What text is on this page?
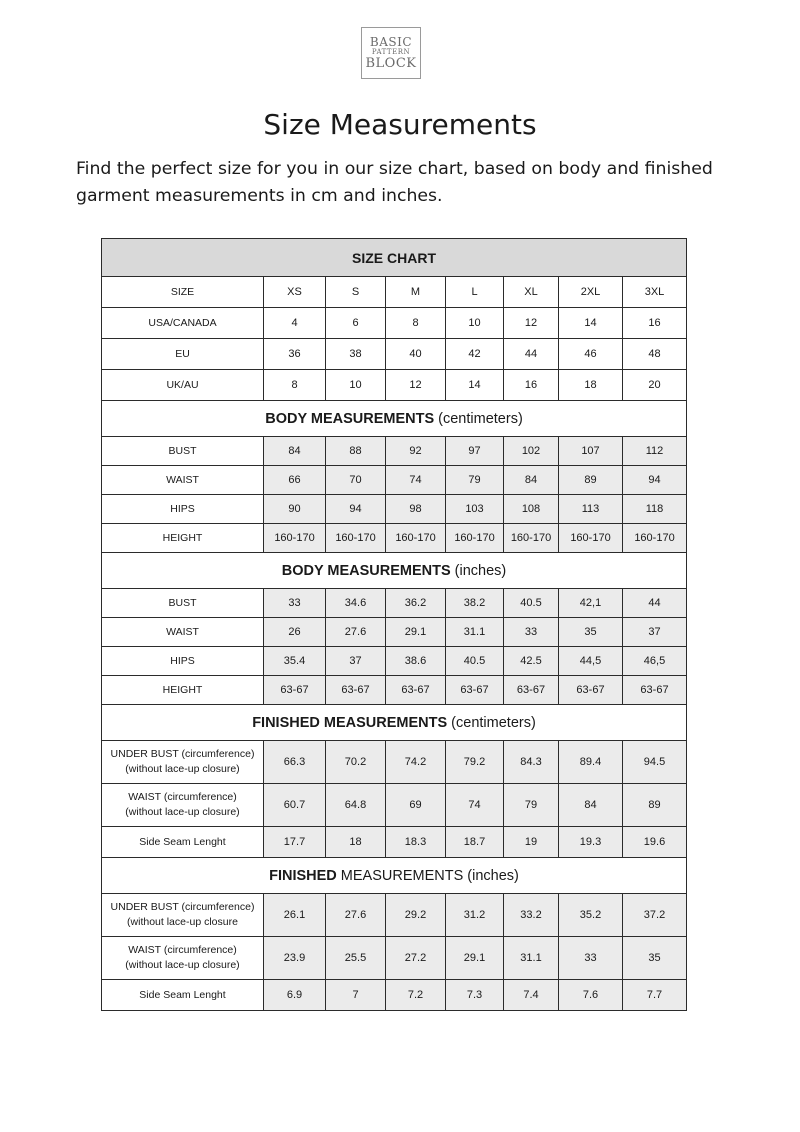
BASIC
PATTERN
BLOCK
Size Measurements

Find the perfect size for you in our size chart, based on body and finished garment measurements in cm and inches.

SIZE CHART							
SIZE	XS	S	M	L	XL	2XL	3XL
USA/CANADA	4	6	8	10	12	14	16
EU	36	38	40	42	44	46	48
UK/AU	8	10	12	14	16	18	20
BODY MEASUREMENTS (centimeters)							

BUST	84	88	92	97	102	107	112

WAIST	66	70	74	79	84	89	94

HIPS	90	94	98	103	108	113	118

HEIGHT	160-170	160-170	160-170	160-170	160-170	160-170	160-170
BODY MEASUREMENTS (inches)							

BUST	33	34.6	36.2	38.2	40.5	42,1	44

WAIST	26	27.6	29.1	31.1	33	35	37

HIPS	35.4	37	38.6	40.5	42.5	44,5	46,5

HEIGHT	63-67	63-67	63-67	63-67	63-67	63-67	63-67
FINISHED MEASUREMENTS (centimeters)							

UNDER BUST (circumference)
(without lace-up closure)	66.3	70.2	74.2	79.2	84.3	89.4	94.5

WAIST (circumference)
(without lace-up closure)	60.7	64.8	69	74	79	84	89

Side Seam Lenght	17.7	18	18.3	18.7	19	19.3	19.6
FINISHED MEASUREMENTS (inches)							

UNDER BUST (circumference)
(without lace-up closure	26.1	27.6	29.2	31.2	33.2	35.2	37.2

WAIST (circumference)
(without lace-up closure)	23.9	25.5	27.2	29.1	31.1	33	35

Side Seam Lenght	6.9	7	7.2	7.3	7.4	7.6	7.7
